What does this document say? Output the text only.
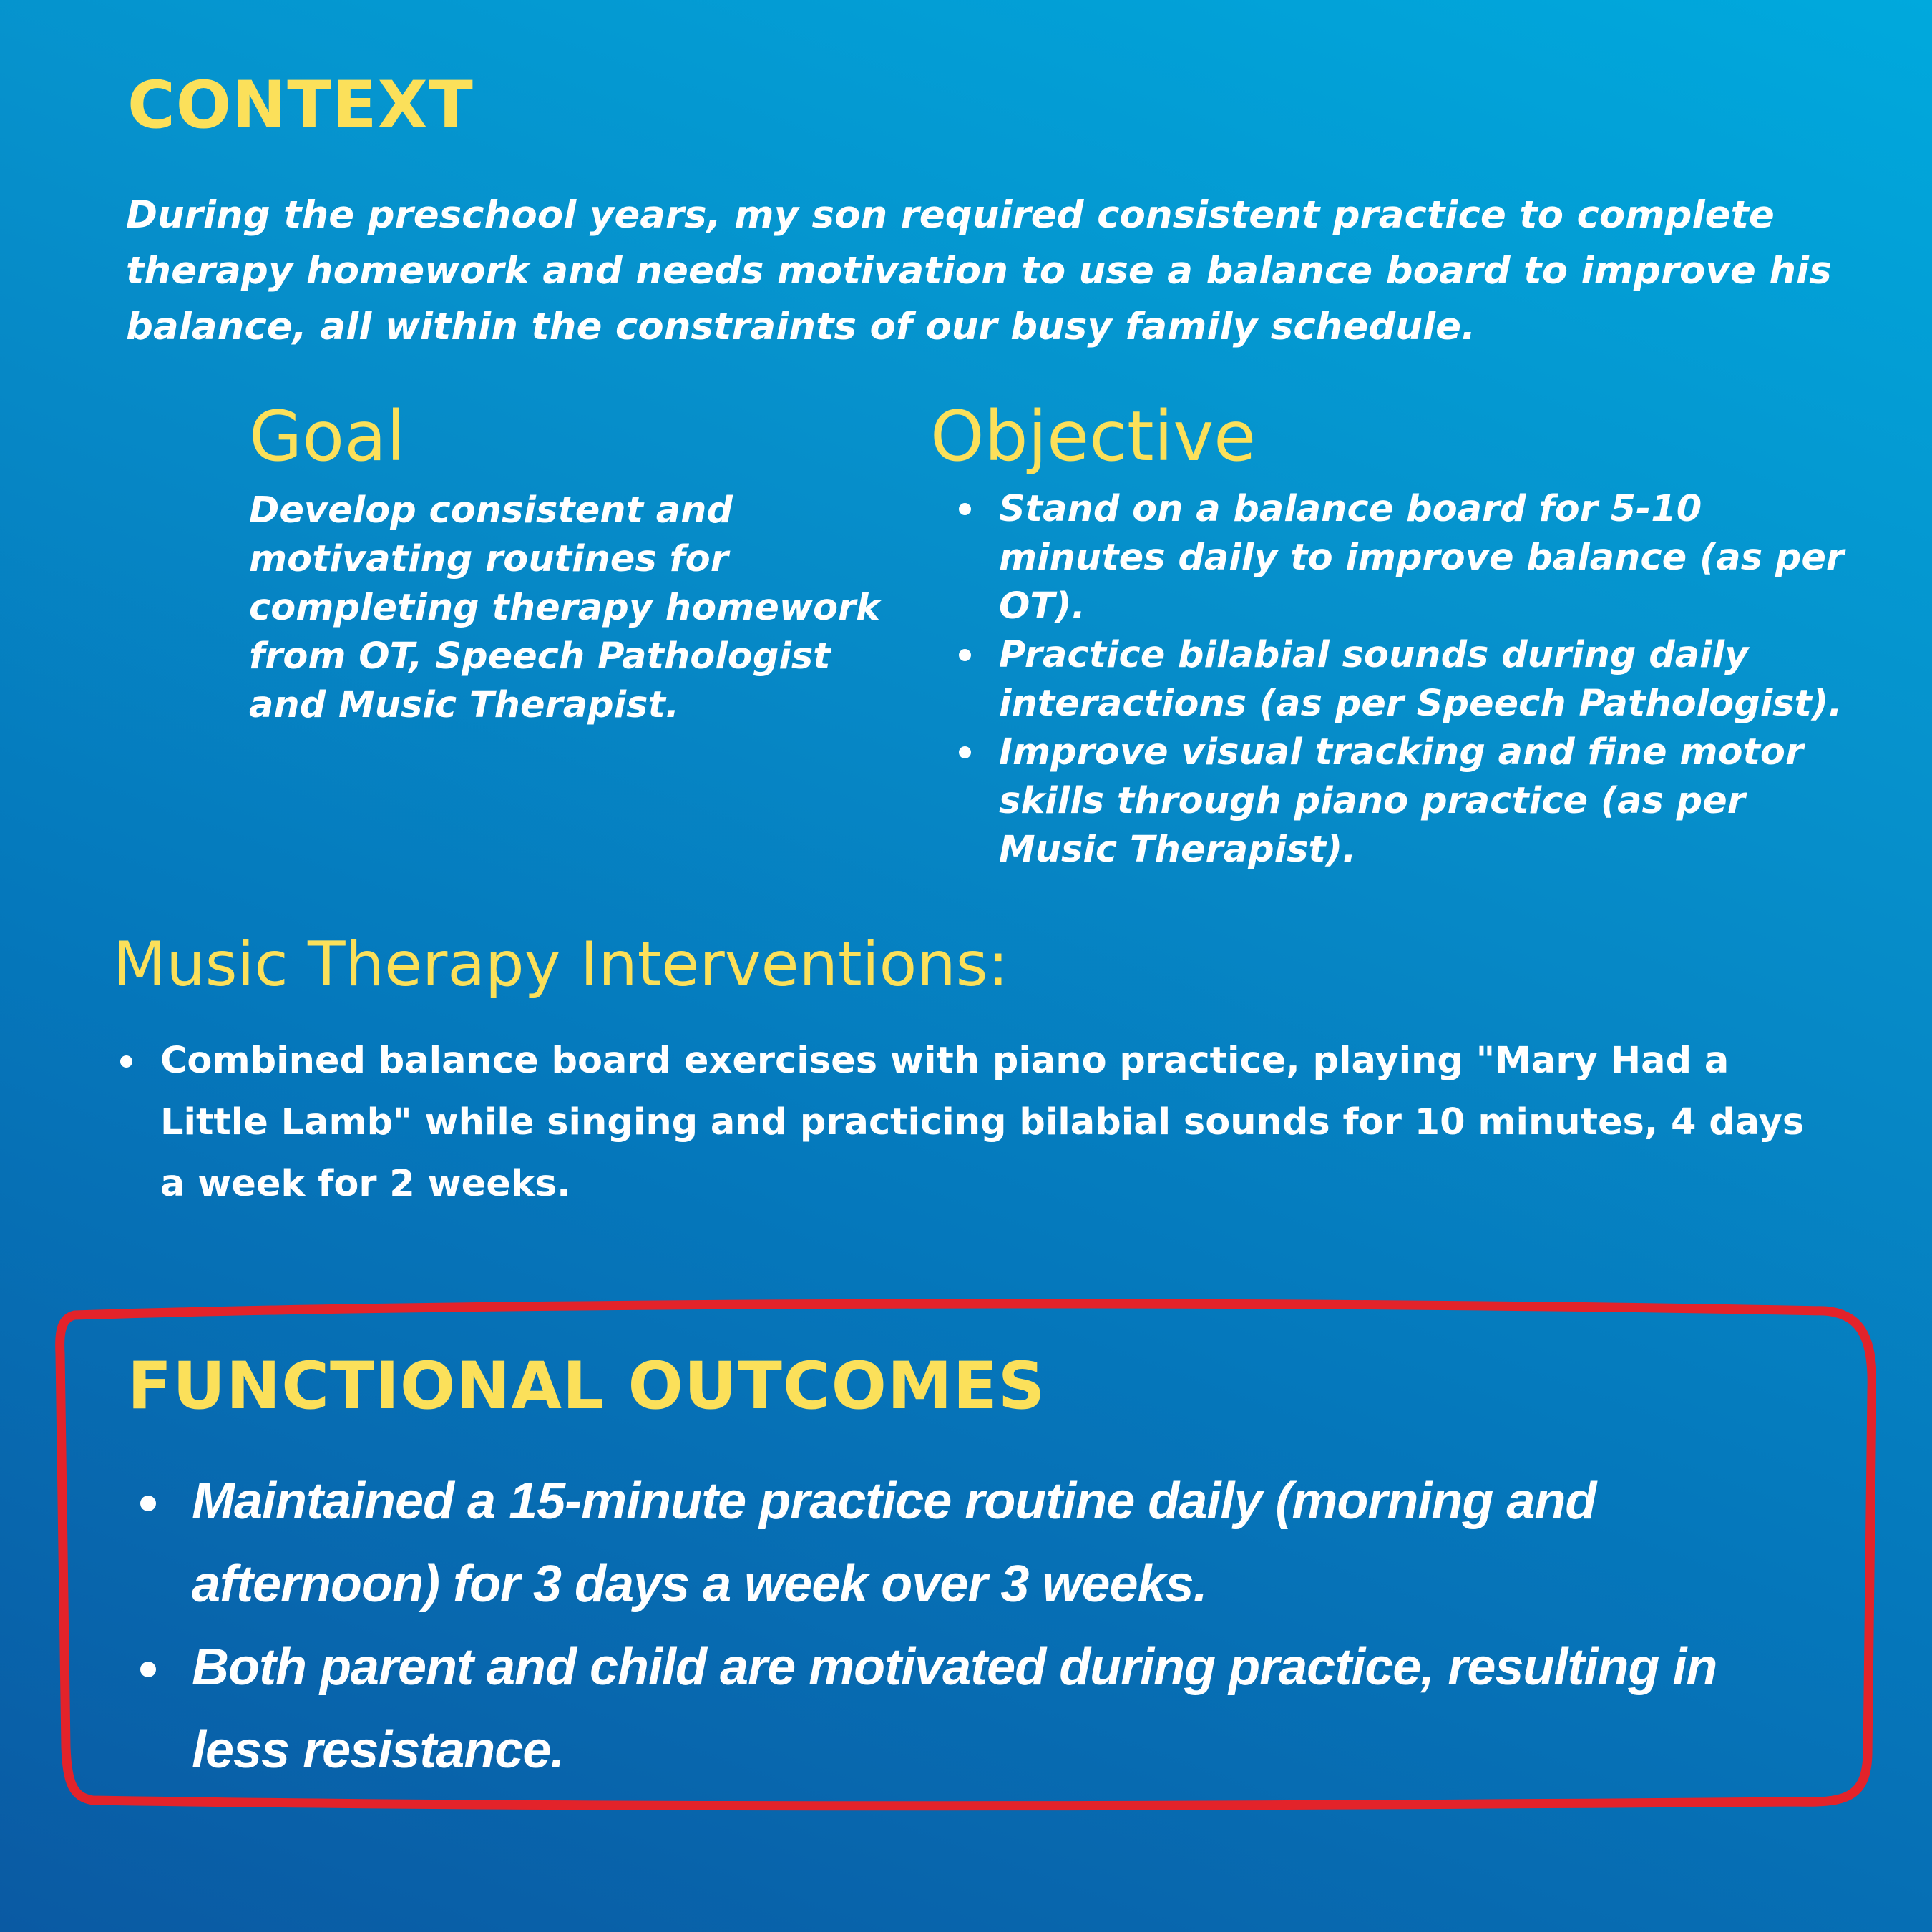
CONTEXT
During the preschool years, my son required consistent practice to complete therapy homework and needs motivation to use a balance board to improve his balance, all within the constraints of our busy family schedule.
Goal
Develop consistent and motivating routines for completing therapy homework from OT, Speech Pathologist and Music Therapist.
Objective
Stand on a balance board for 5-10 minutes daily to improve balance (as per OT).
Practice bilabial sounds during daily interactions (as per Speech Pathologist).
Improve visual tracking and fine motor skills through piano practice (as per Music Therapist).
Music Therapy Interventions:
Combined balance board exercises with piano practice, playing "Mary Had a Little Lamb" while singing and practicing bilabial sounds for 10 minutes, 4 days a week for 2 weeks.
FUNCTIONAL OUTCOMES
Maintained a 15-minute practice routine daily (morning and afternoon) for 3 days a week over 3 weeks.
Both parent and child are motivated during practice, resulting in less resistance.
